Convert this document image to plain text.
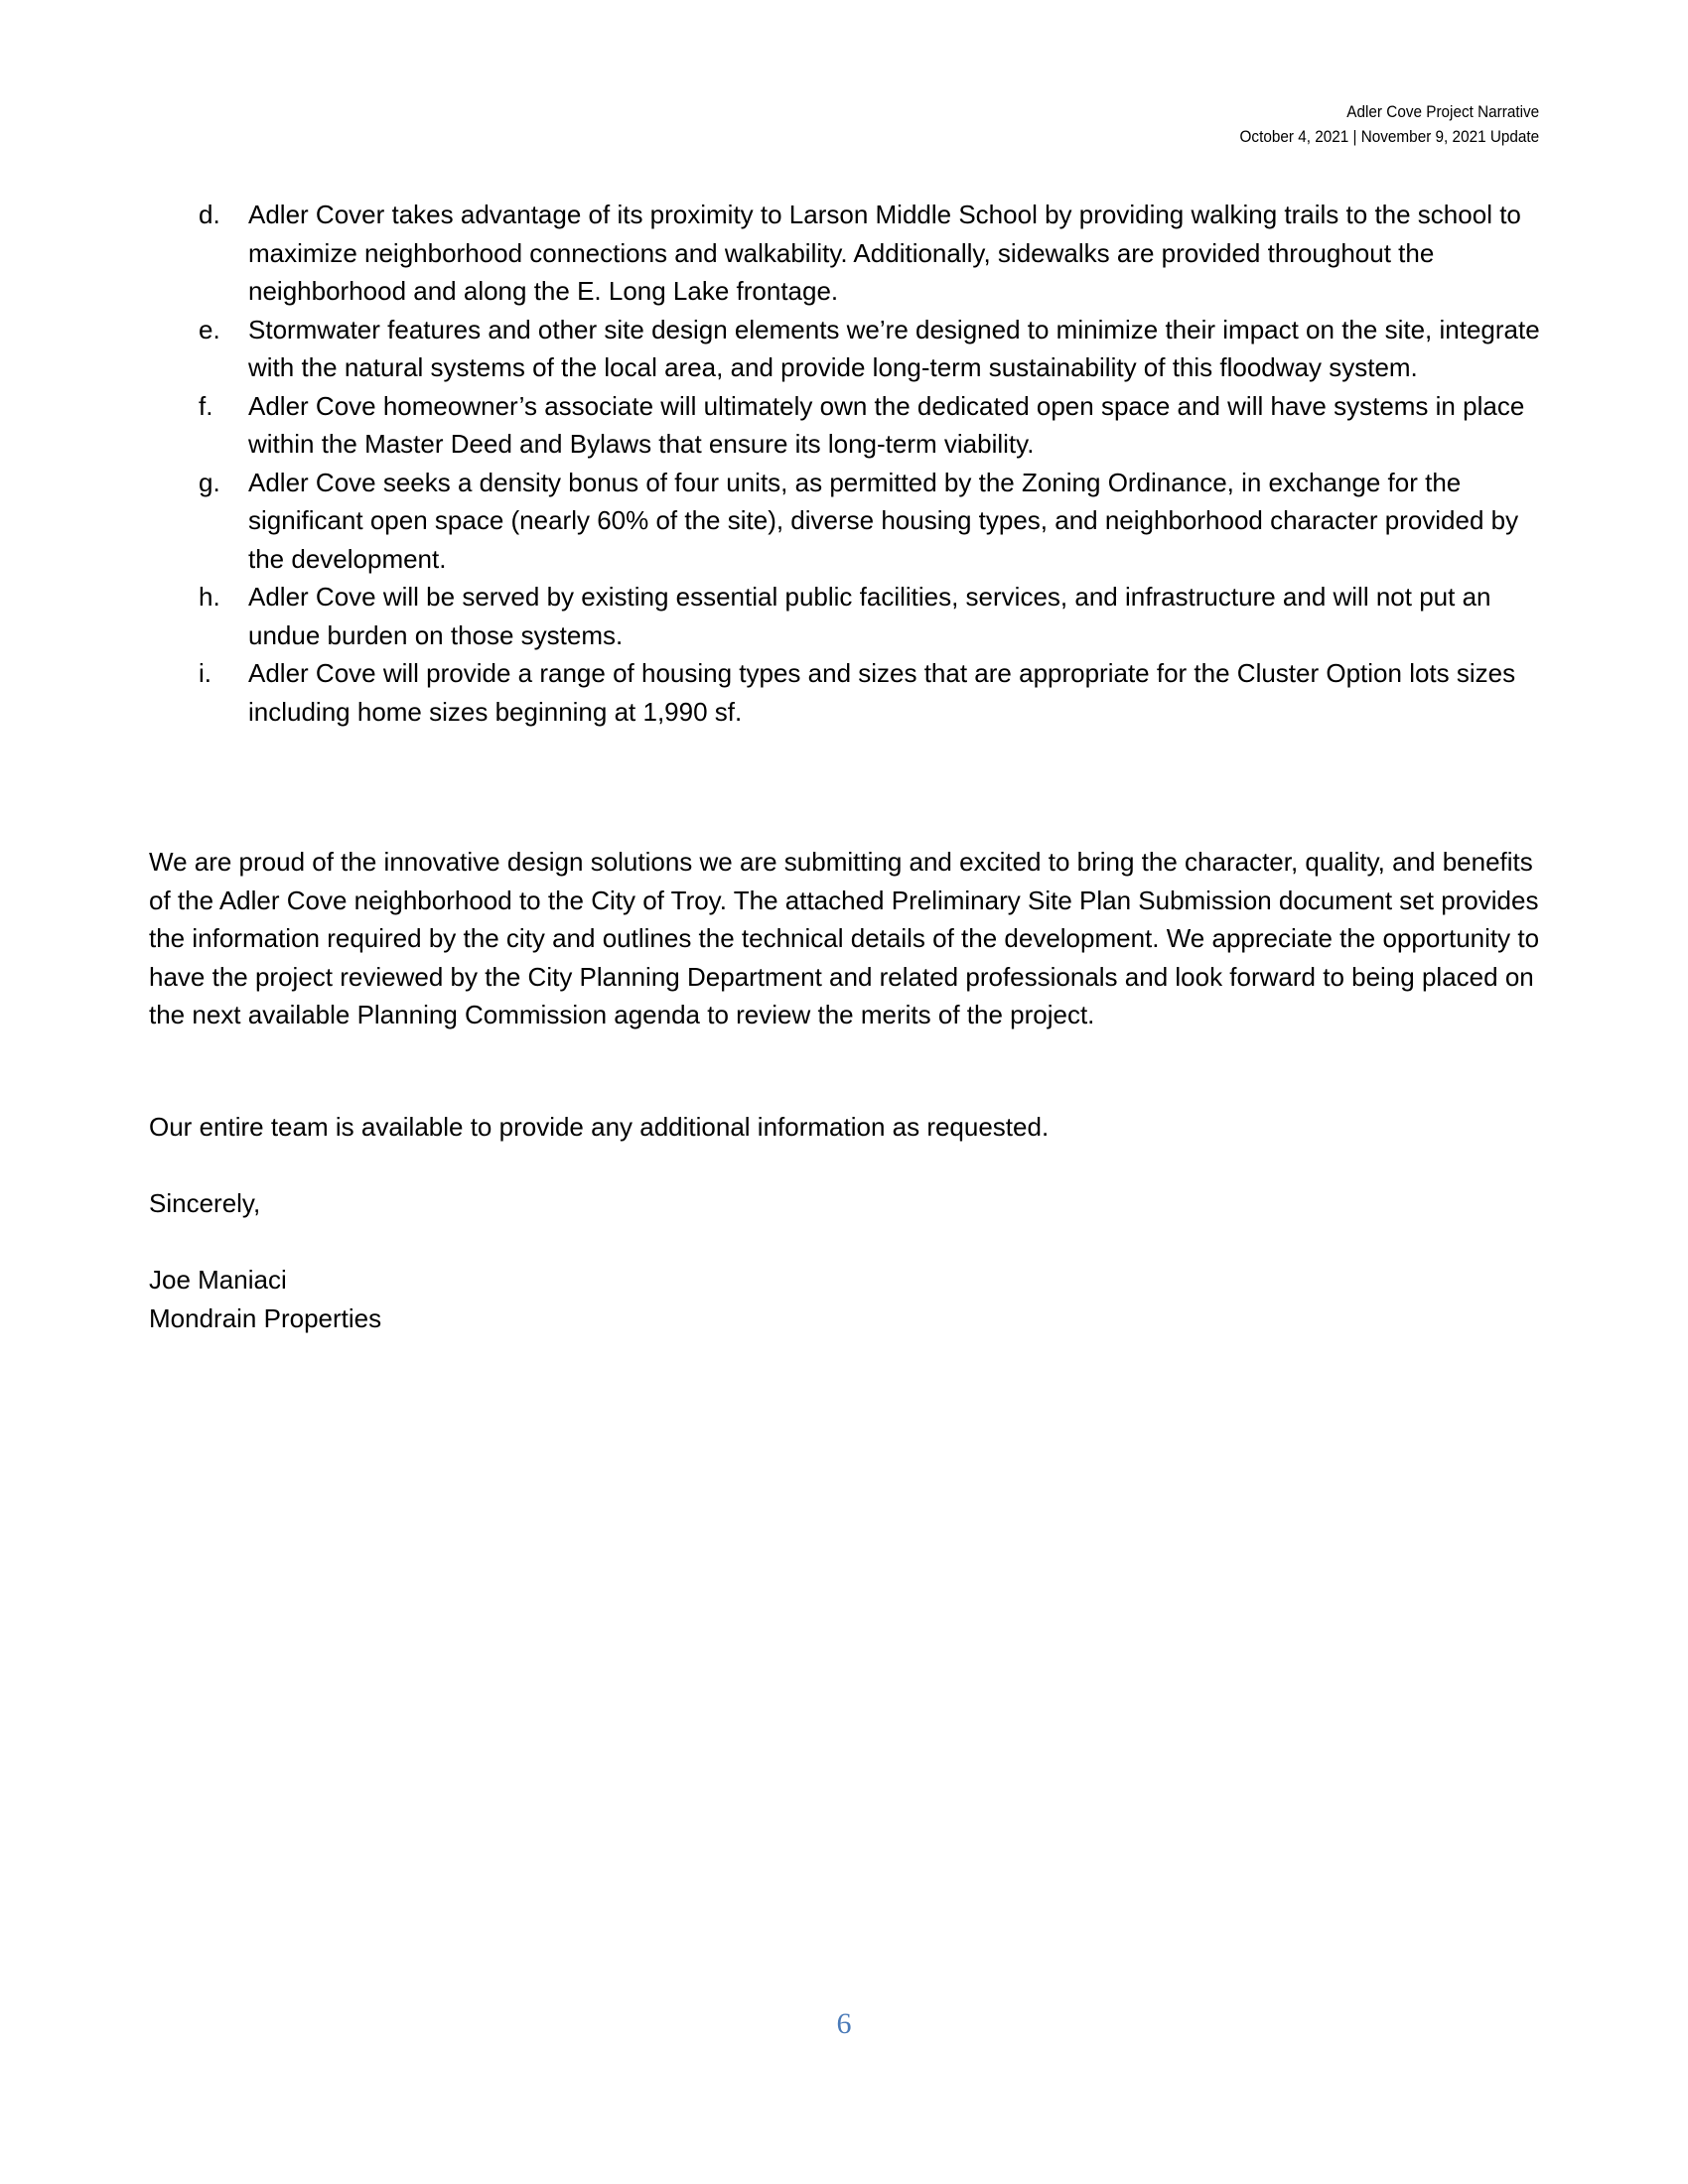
Adler Cove Project Narrative
October 4, 2021 | November 9, 2021 Update
d. Adler Cover takes advantage of its proximity to Larson Middle School by providing walking trails to the school to maximize neighborhood connections and walkability. Additionally, sidewalks are provided throughout the neighborhood and along the E. Long Lake frontage.
e. Stormwater features and other site design elements we’re designed to minimize their impact on the site, integrate with the natural systems of the local area, and provide long-term sustainability of this floodway system.
f. Adler Cove homeowner’s associate will ultimately own the dedicated open space and will have systems in place within the Master Deed and Bylaws that ensure its long-term viability.
g. Adler Cove seeks a density bonus of four units, as permitted by the Zoning Ordinance, in exchange for the significant open space (nearly 60% of the site), diverse housing types, and neighborhood character provided by the development.
h. Adler Cove will be served by existing essential public facilities, services, and infrastructure and will not put an undue burden on those systems.
i. Adler Cove will provide a range of housing types and sizes that are appropriate for the Cluster Option lots sizes including home sizes beginning at 1,990 sf.

We are proud of the innovative design solutions we are submitting and excited to bring the character, quality, and benefits of the Adler Cove neighborhood to the City of Troy. The attached Preliminary Site Plan Submission document set provides the information required by the city and outlines the technical details of the development. We appreciate the opportunity to have the project reviewed by the City Planning Department and related professionals and look forward to being placed on the next available Planning Commission agenda to review the merits of the project.

Our entire team is available to provide any additional information as requested.

Sincerely,

Joe Maniaci

Mondrain Properties

6
